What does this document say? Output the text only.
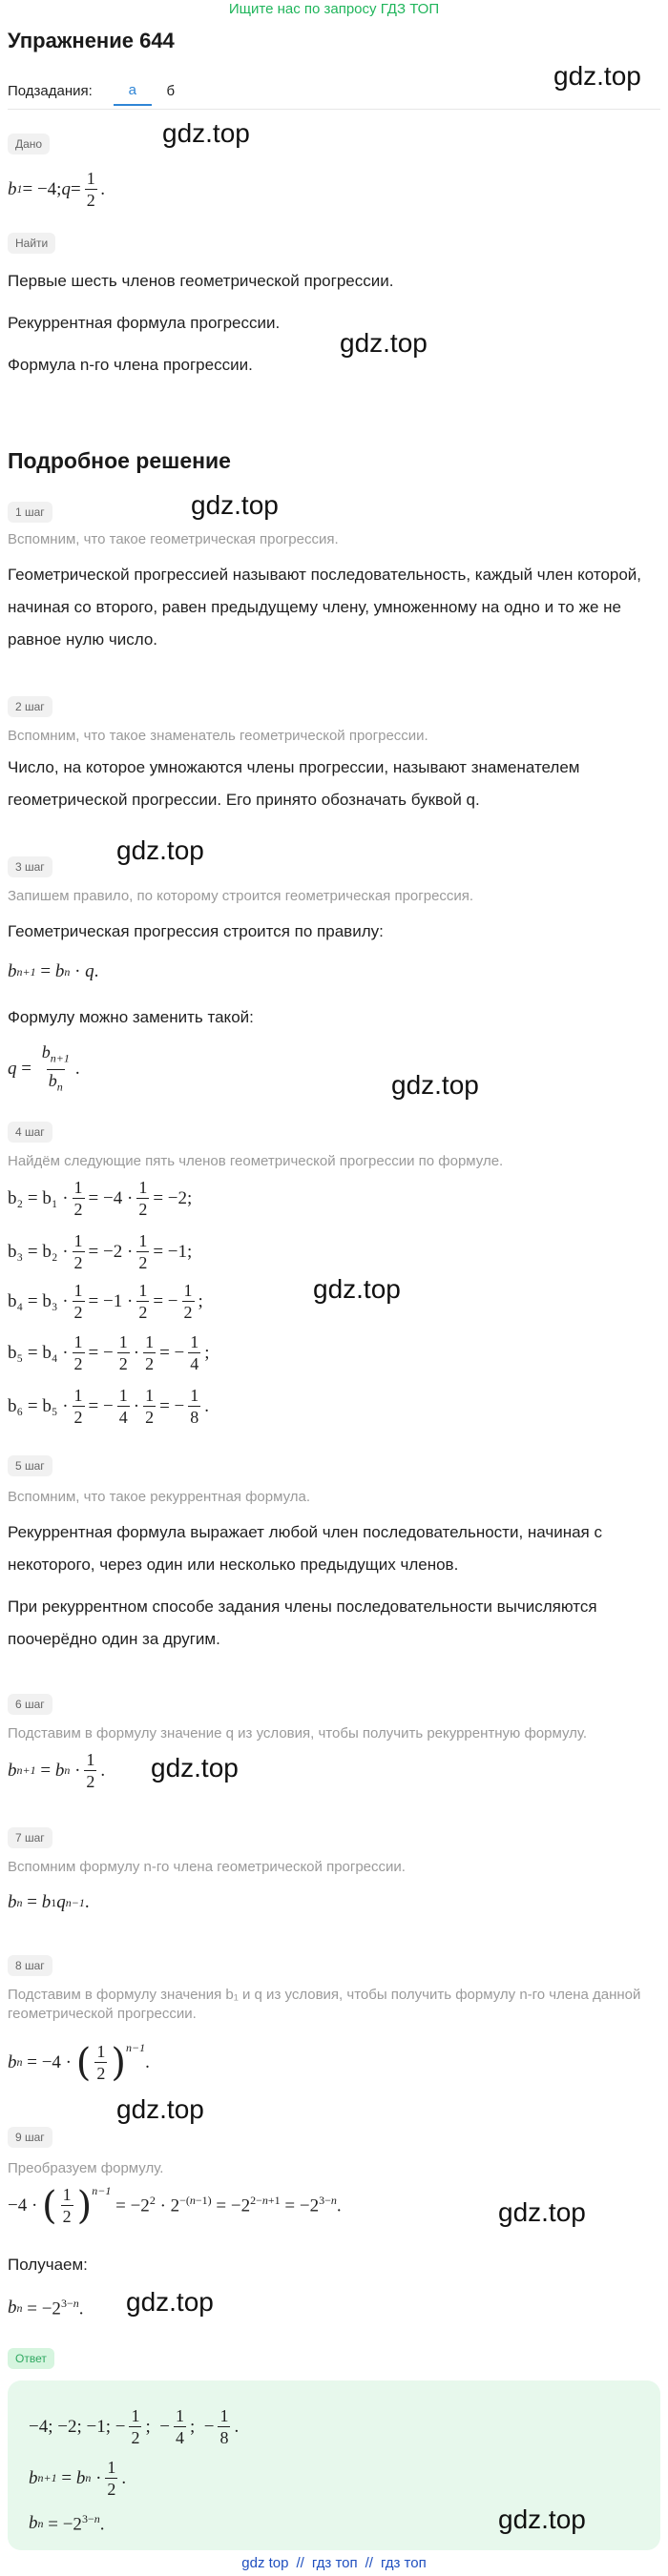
Ищите нас по запросу ГДЗ ТОП
Упражнение 644
gdz.top
Подзадания:	а	б
Дано	gdz.top
b 1 = −4; $q = \frac{1}{2}$ .
Найти
Первые шесть членов геометрической прогрессии.
Рекуррентная формула прогрессии.
gdz.top
Формула n-го члена прогрессии.
Подробное решение
1 шаг	gdz.top
Вспомним, что такое геометрическая прогрессия.
Геометрической прогрессией называют последовательность, каждый член которой, начиная со второго, равен предыдущему члену, умноженному на одно и то же не равное нулю число.
2 шаг
Вспомним, что такое знаменатель геометрической прогрессии.
Число, на которое умножаются члены прогрессии, называют знаменателем геометрической прогрессии. Его принято обозначать буквой q.
3 шаг
gdz.top
Запишем правило, по которому строится геометрическая прогрессия.
Геометрическая прогрессия строится по правилу:
b n+1 = b n · q .
Формулу можно заменить такой:
$q = \frac{b_{n+1}}{b_n}$ .
gdz.top
4 шаг
Найдём следующие пять членов геометрической прогрессии по формуле.
$b_2 = b_1 \cdot \frac{1}{2} = -4 \cdot \frac{1}{2} = -2$;
$b_3 = b_2 \cdot \frac{1}{2} = -2 \cdot \frac{1}{2} = -1$;
$b_4 = b_3 \cdot \frac{1}{2} = -1 \cdot \frac{1}{2}$ = − $\frac{1}{2}$ ;	gdz.top
$b_5 = b_4 \cdot \frac{1}{2}$ = − $\frac{1}{2} \cdot \frac{1}{2}$ = − $\frac{1}{4}$ ;
$b_6 = b_5 \cdot \frac{1}{2}$ = − $\frac{1}{4} \cdot \frac{1}{2}$ = − $\frac{1}{8}$ .
5 шаг
Вспомним, что такое рекуррентная формула.
Рекуррентная формула выражает любой член последовательности, начиная с некоторого, через один или несколько предыдущих членов.
При рекуррентном способе задания члены последовательности вычисляются поочерёдно один за другим.
6 шаг
Подставим в формулу значение q из условия, чтобы получить рекуррентную формулу.
b n+1 = b $n \cdot \frac{1}{2}$ . gdz.top
7 шаг
Вспомним формулу n-го члена геометрической прогрессии.
b n = b 1 q n−1 .
8 шаг
Подставим в формулу значения b₁ и q из условия, чтобы получить формулу n-го члена данной геометрической прогрессии.
b n = −4 · ( $\frac{1}{2} )^{n-1}$
.
gdz.top
9 шаг
Преобразуем формулу.
−4 · ( $\frac{1}{2} )^{n-1}$
= $-2^2 \cdot 2^{-(n-1)} = -2^{2-n+1} = -2^{3-n}$.	gdz.top
Получаем:
b $n = -2^{3-n}$. gdz.top
Ответ
−4; −2; −1; − $\frac{1}{2}$ ;  − $\frac{1}{4}$ ;  − $\frac{1}{8}$ .
b n+1 = b $n \cdot \frac{1}{2}$ .
b $n = -2^{3-n}$.	gdz.top
gdz top // гдз топ // гдз топ
